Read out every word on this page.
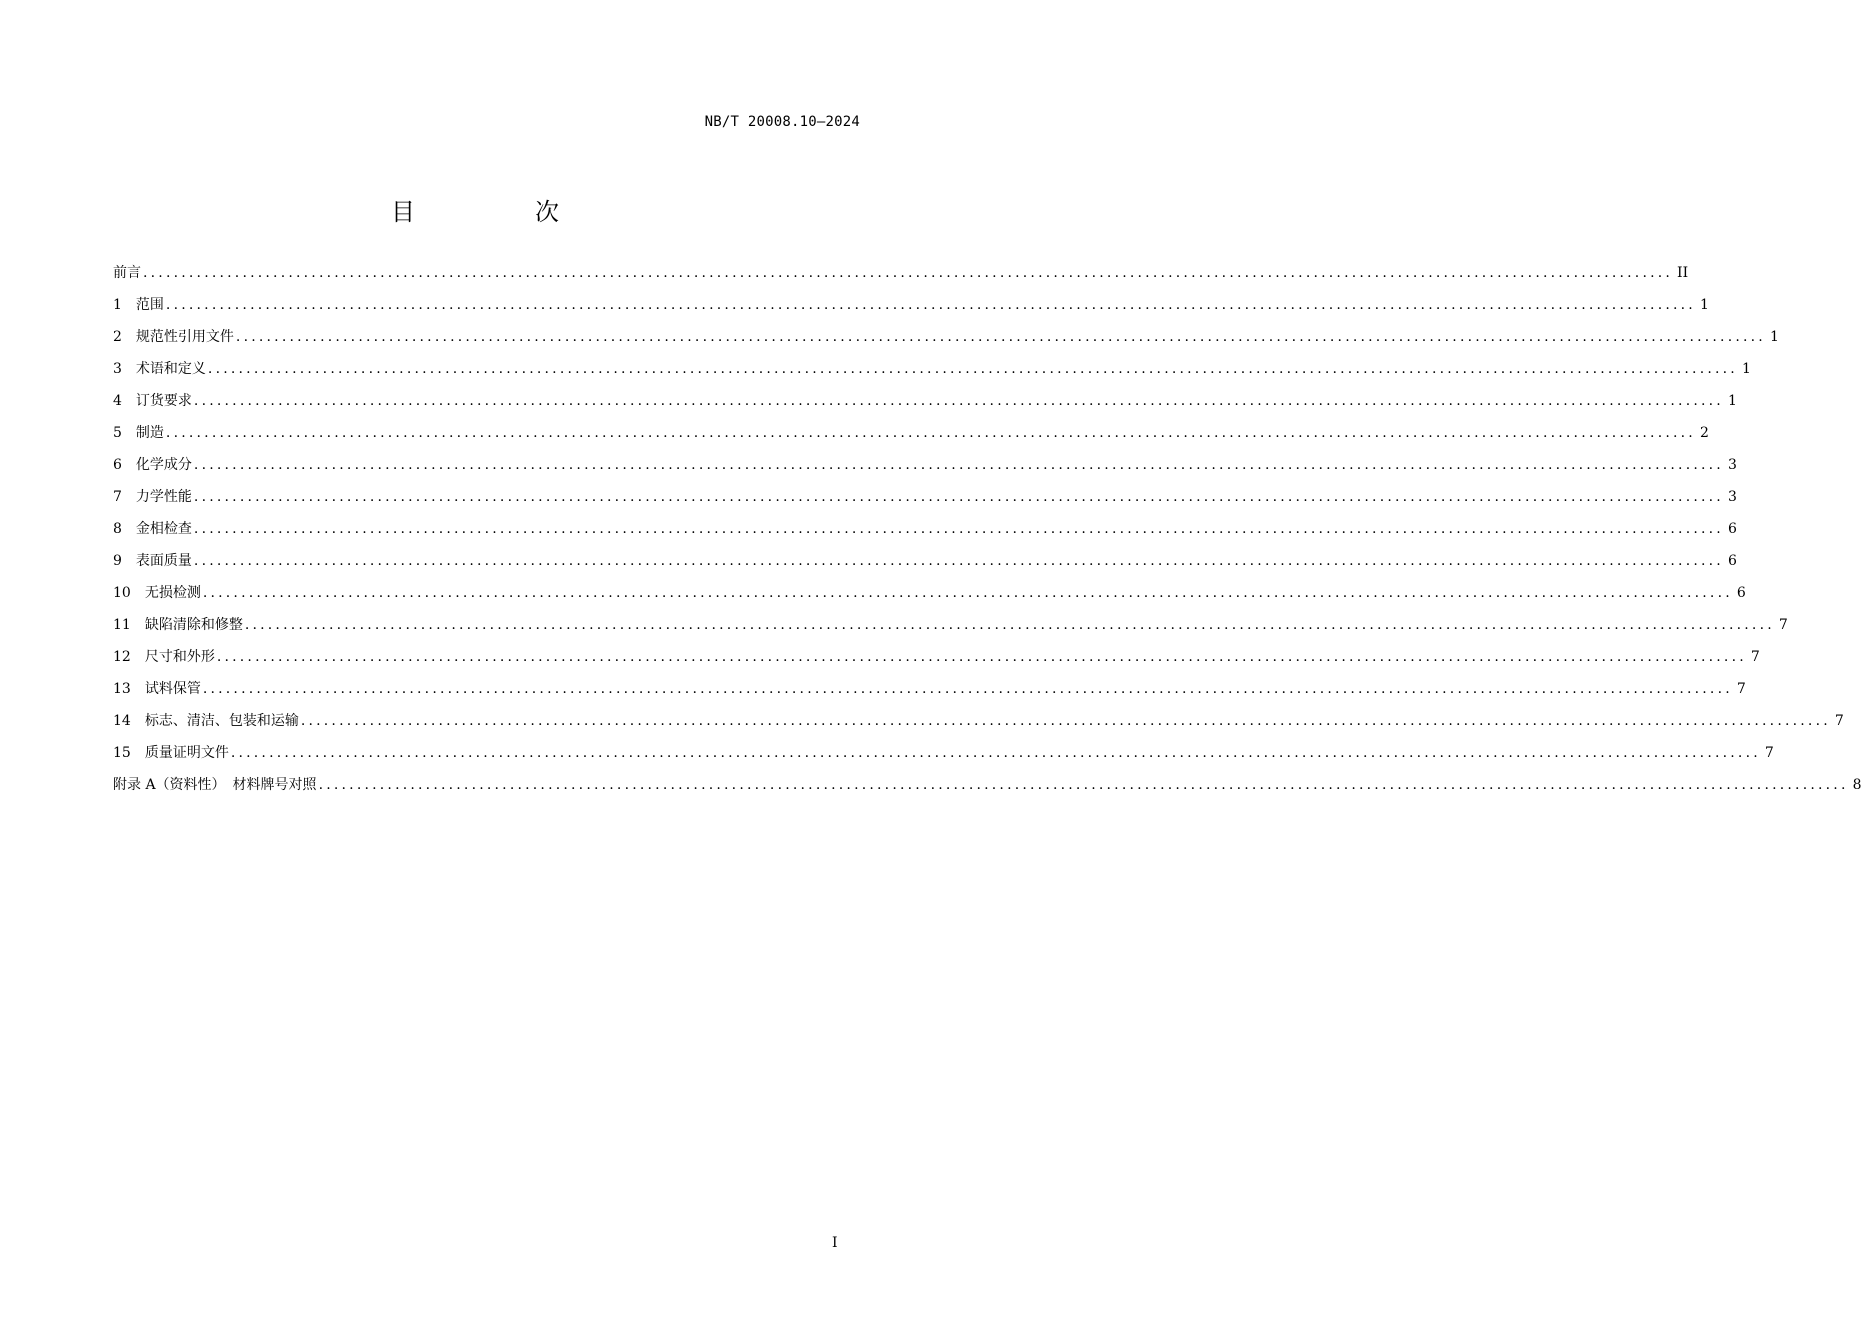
NB/T 20008.10—2024
目　次
前言 ........................................................................................................................................................................................................ II
1	范围 ........................................................................................................................................................................................................ 1
2	规范性引用文件 ........................................................................................................................................................................................................ 1
3	术语和定义 ........................................................................................................................................................................................................ 1
4	订货要求 ........................................................................................................................................................................................................ 1
5	制造 ........................................................................................................................................................................................................ 2
6	化学成分 ........................................................................................................................................................................................................ 3
7	力学性能 ........................................................................................................................................................................................................ 3
8	金相检查 ........................................................................................................................................................................................................ 6
9	表面质量 ........................................................................................................................................................................................................ 6
10	无损检测 ........................................................................................................................................................................................................ 6
11	缺陷清除和修整 ........................................................................................................................................................................................................ 7
12	尺寸和外形 ........................................................................................................................................................................................................ 7
13	试料保管 ........................................................................................................................................................................................................ 7
14	标志、清洁、包装和运输 ........................................................................................................................................................................................................ 7
15	质量证明文件 ........................................................................................................................................................................................................ 7
附录 A（资料性）　材料牌号对照 ........................................................................................................................................................................................................ 8
I
